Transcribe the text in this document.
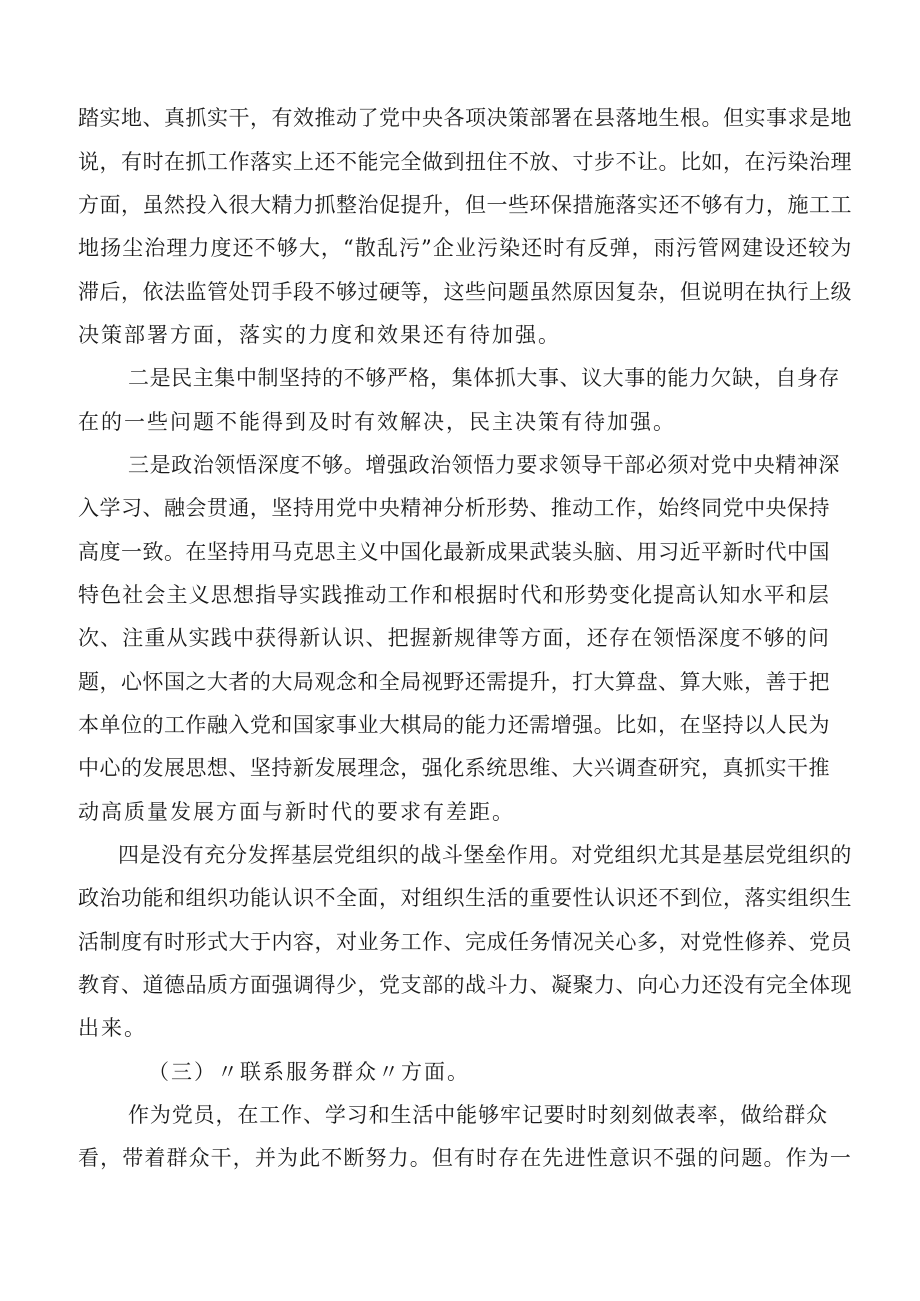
踏实地、真抓实干，有效推动了党中央各项决策部署在县落地生根。但实事求是地
说，有时在抓工作落实上还不能完全做到扭住不放、寸步不让。比如，在污染治理
方面，虽然投入很大精力抓整治促提升，但一些环保措施落实还不够有力，施工工
地扬尘治理力度还不够大，“散乱污”企业污染还时有反弹，雨污管网建设还较为
滞后，依法监管处罚手段不够过硬等，这些问题虽然原因复杂，但说明在执行上级
决策部署方面，落实的力度和效果还有待加强。
二是民主集中制坚持的不够严格，集体抓大事、议大事的能力欠缺，自身存
在的一些问题不能得到及时有效解决，民主决策有待加强。
三是政治领悟深度不够。增强政治领悟力要求领导干部必须对党中央精神深
入学习、融会贯通，坚持用党中央精神分析形势、推动工作，始终同党中央保持
高度一致。在坚持用马克思主义中国化最新成果武装头脑、用习近平新时代中国
特色社会主义思想指导实践推动工作和根据时代和形势变化提高认知水平和层
次、注重从实践中获得新认识、把握新规律等方面，还存在领悟深度不够的问
题，心怀国之大者的大局观念和全局视野还需提升，打大算盘、算大账，善于把
本单位的工作融入党和国家事业大棋局的能力还需增强。比如，在坚持以人民为
中心的发展思想、坚持新发展理念，强化系统思维、大兴调查研究，真抓实干推
动高质量发展方面与新时代的要求有差距。
四是没有充分发挥基层党组织的战斗堡垒作用。对党组织尤其是基层党组织的
政治功能和组织功能认识不全面，对组织生活的重要性认识还不到位，落实组织生
活制度有时形式大于内容，对业务工作、完成任务情况关心多，对党性修养、党员
教育、道德品质方面强调得少，党支部的战斗力、凝聚力、向心力还没有完全体现
出来。
（三）〃联系服务群众〃方面。
作为党员，在工作、学习和生活中能够牢记要时时刻刻做表率，做给群众
看，带着群众干，并为此不断努力。但有时存在先进性意识不强的问题。作为一
